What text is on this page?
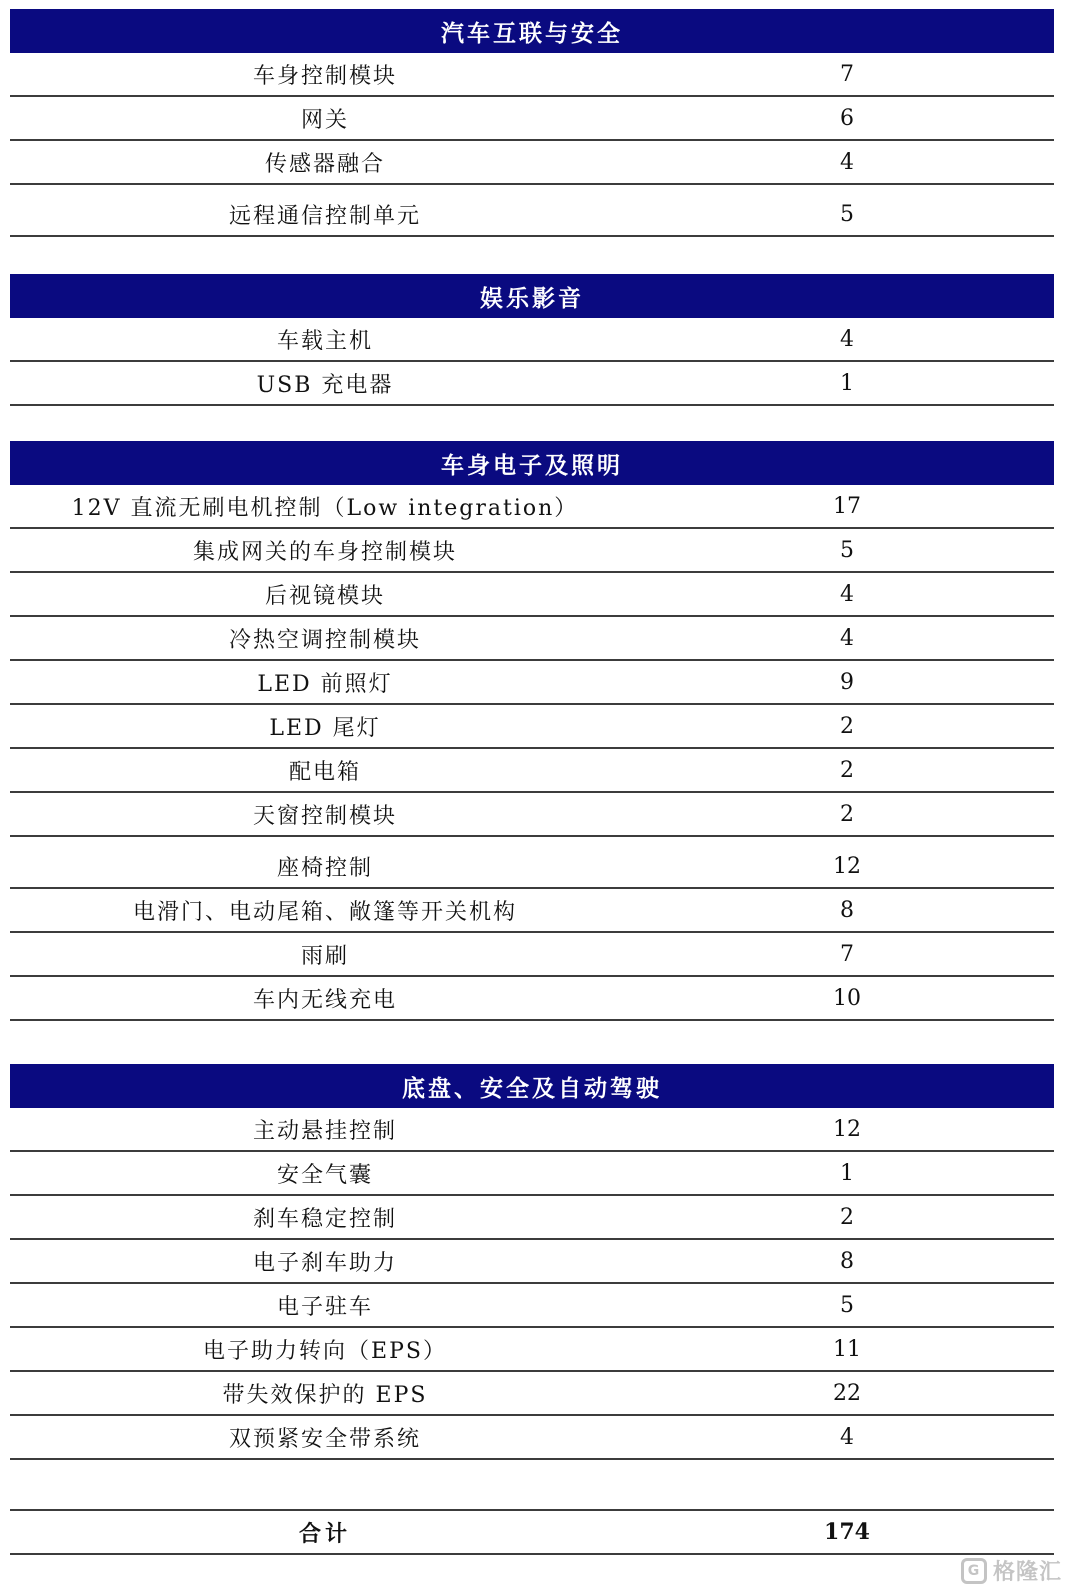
汽车互联与安全
车身控制模块	7
网关	6
传感器融合	4
远程通信控制单元	5
娱乐影音
车载主机	4
USB 充电器	1
车身电子及照明
12V 直流无刷电机控制（Low integration）	17
集成网关的车身控制模块	5
后视镜模块	4
冷热空调控制模块	4
LED 前照灯	9
LED 尾灯	2
配电箱	2
天窗控制模块	2
座椅控制	12
电滑门、电动尾箱、敞篷等开关机构	8
雨刷	7
车内无线充电	10
底盘、安全及自动驾驶
主动悬挂控制	12
安全气囊	1
刹车稳定控制	2
电子刹车助力	8
电子驻车	5
电子助力转向（EPS）	11
带失效保护的 EPS	22
双预紧安全带系统	4
合计	174
G 格隆汇
